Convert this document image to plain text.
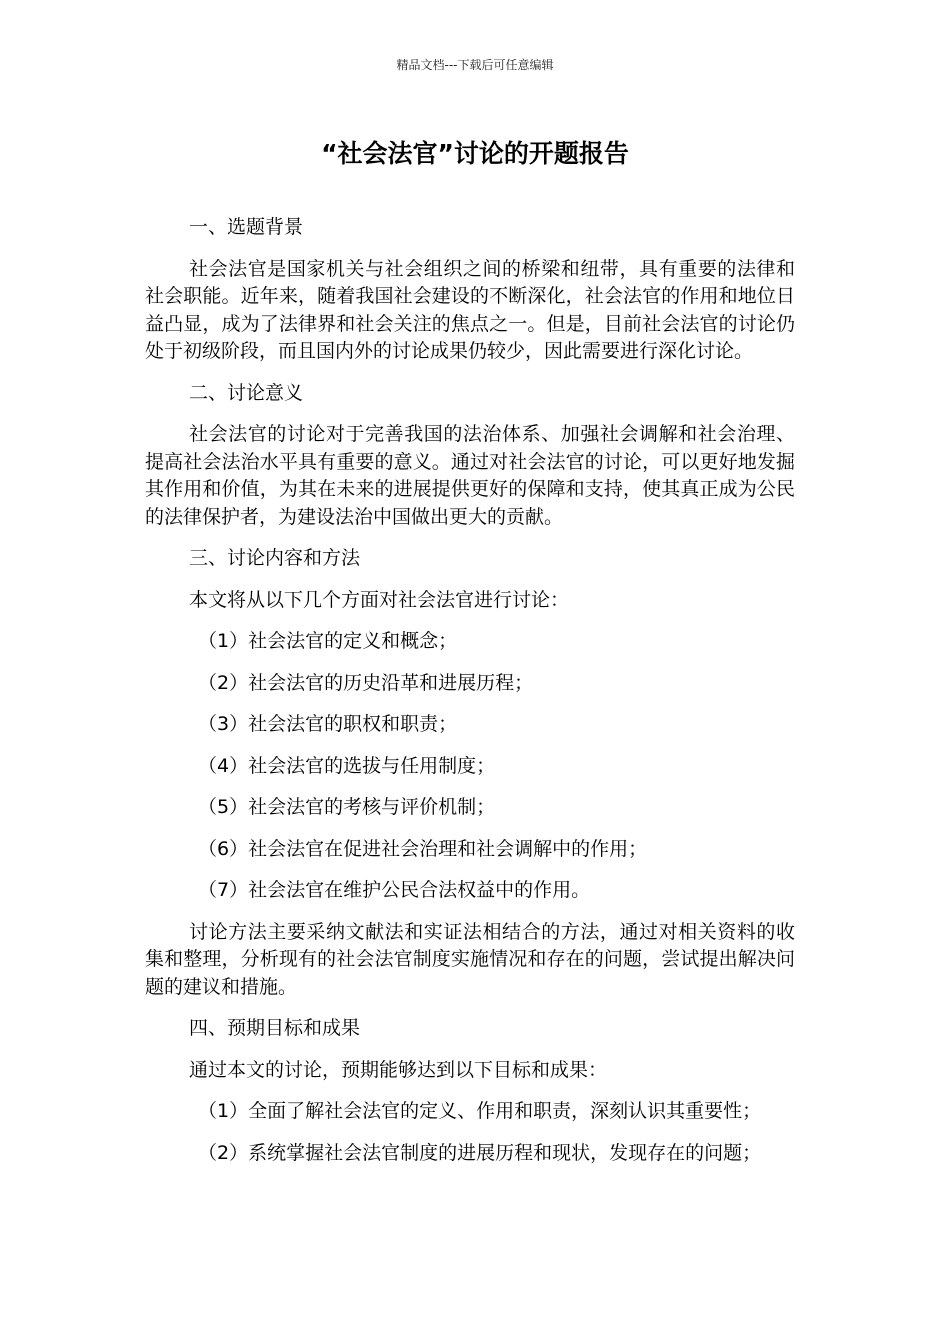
精品文档---下载后可任意编辑
“社会法官”讨论的开题报告

一、选题背景

社会法官是国家机关与社会组织之间的桥梁和纽带，具有重要的法律和社会职能。近年来，随着我国社会建设的不断深化，社会法官的作用和地位日益凸显，成为了法律界和社会关注的焦点之一。但是，目前社会法官的讨论仍处于初级阶段，而且国内外的讨论成果仍较少，因此需要进行深化讨论。

二、讨论意义

社会法官的讨论对于完善我国的法治体系、加强社会调解和社会治理、提高社会法治水平具有重要的意义。通过对社会法官的讨论，可以更好地发掘其作用和价值，为其在未来的进展提供更好的保障和支持，使其真正成为公民的法律保护者，为建设法治中国做出更大的贡献。

三、讨论内容和方法

本文将从以下几个方面对社会法官进行讨论：

（1）社会法官的定义和概念；

（2）社会法官的历史沿革和进展历程；

（3）社会法官的职权和职责；

（4）社会法官的选拔与任用制度；

（5）社会法官的考核与评价机制；

（6）社会法官在促进社会治理和社会调解中的作用；

（7）社会法官在维护公民合法权益中的作用。

讨论方法主要采纳文献法和实证法相结合的方法，通过对相关资料的收集和整理，分析现有的社会法官制度实施情况和存在的问题，尝试提出解决问题的建议和措施。

四、预期目标和成果

通过本文的讨论，预期能够达到以下目标和成果：

（1）全面了解社会法官的定义、作用和职责，深刻认识其重要性；

（2）系统掌握社会法官制度的进展历程和现状，发现存在的问题；
